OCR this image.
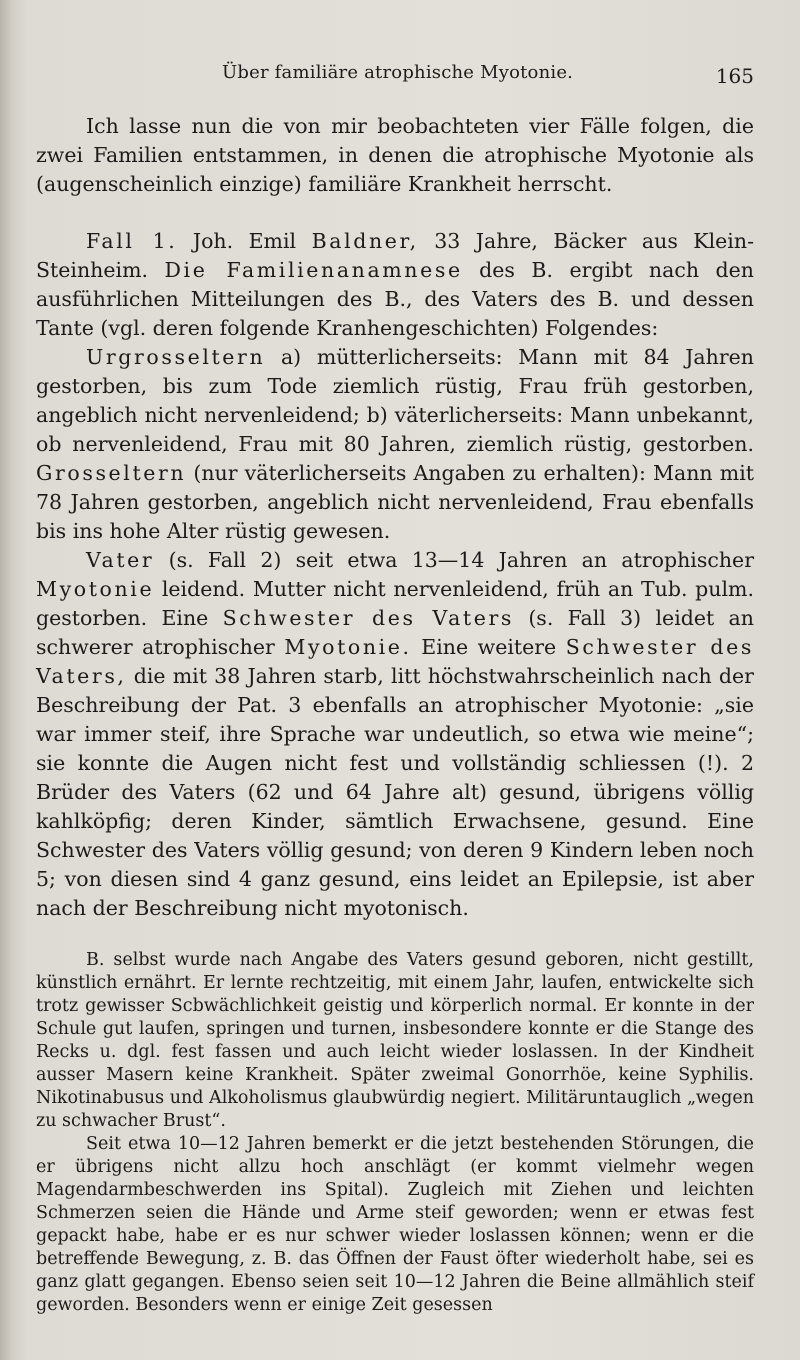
Über familiäre atrophische Myotonie.	165

Ich lasse nun die von mir beobachteten vier Fälle folgen, die zwei Familien entstammen, in denen die atrophische Myotonie als (augenscheinlich einzige) familiäre Krankheit herrscht.

Fall 1. Joh. Emil Baldner, 33 Jahre, Bäcker aus Klein-Steinheim. Die Familienanamnese des B. ergibt nach den ausführlichen Mitteilungen des B., des Vaters des B. und dessen Tante (vgl. deren folgende Kranhengeschichten) Folgendes:

Urgrosseltern a) mütterlicherseits: Mann mit 84 Jahren gestorben, bis zum Tode ziemlich rüstig, Frau früh gestorben, angeblich nicht nervenleidend; b) väterlicherseits: Mann unbekannt, ob nervenleidend, Frau mit 80 Jahren, ziemlich rüstig, gestorben. Grosseltern (nur väterlicherseits Angaben zu erhalten): Mann mit 78 Jahren gestorben, angeblich nicht nervenleidend, Frau ebenfalls bis ins hohe Alter rüstig gewesen.

Vater (s. Fall 2) seit etwa 13—14 Jahren an atrophischer Myotonie leidend. Mutter nicht nervenleidend, früh an Tub. pulm. gestorben. Eine Schwester des Vaters (s. Fall 3) leidet an schwerer atrophischer Myotonie. Eine weitere Schwester des Vaters, die mit 38 Jahren starb, litt höchstwahrscheinlich nach der Beschreibung der Pat. 3 ebenfalls an atrophischer Myotonie: „sie war immer steif, ihre Sprache war undeutlich, so etwa wie meine“; sie konnte die Augen nicht fest und vollständig schliessen (!). 2 Brüder des Vaters (62 und 64 Jahre alt) gesund, übrigens völlig kahlköpfig; deren Kinder, sämtlich Erwachsene, gesund. Eine Schwester des Vaters völlig gesund; von deren 9 Kindern leben noch 5; von diesen sind 4 ganz gesund, eins leidet an Epilepsie, ist aber nach der Beschreibung nicht myotonisch.

B. selbst wurde nach Angabe des Vaters gesund geboren, nicht gestillt, künstlich ernährt. Er lernte rechtzeitig, mit einem Jahr, laufen, entwickelte sich trotz gewisser Scbwächlichkeit geistig und körperlich normal. Er konnte in der Schule gut laufen, springen und turnen, insbesondere konnte er die Stange des Recks u. dgl. fest fassen und auch leicht wieder loslassen. In der Kindheit ausser Masern keine Krankheit. Später zweimal Gonorrhöe, keine Syphilis. Nikotinabusus und Alkoholismus glaubwürdig negiert. Militäruntauglich „wegen zu schwacher Brust“.

Seit etwa 10—12 Jahren bemerkt er die jetzt bestehenden Störungen, die er übrigens nicht allzu hoch anschlägt (er kommt vielmehr wegen Magendarmbeschwerden ins Spital). Zugleich mit Ziehen und leichten Schmerzen seien die Hände und Arme steif geworden; wenn er etwas fest gepackt habe, habe er es nur schwer wieder loslassen können; wenn er die betreffende Bewegung, z. B. das Öffnen der Faust öfter wiederholt habe, sei es ganz glatt gegangen. Ebenso seien seit 10—12 Jahren die Beine allmählich steif geworden. Besonders wenn er einige Zeit gesessen
